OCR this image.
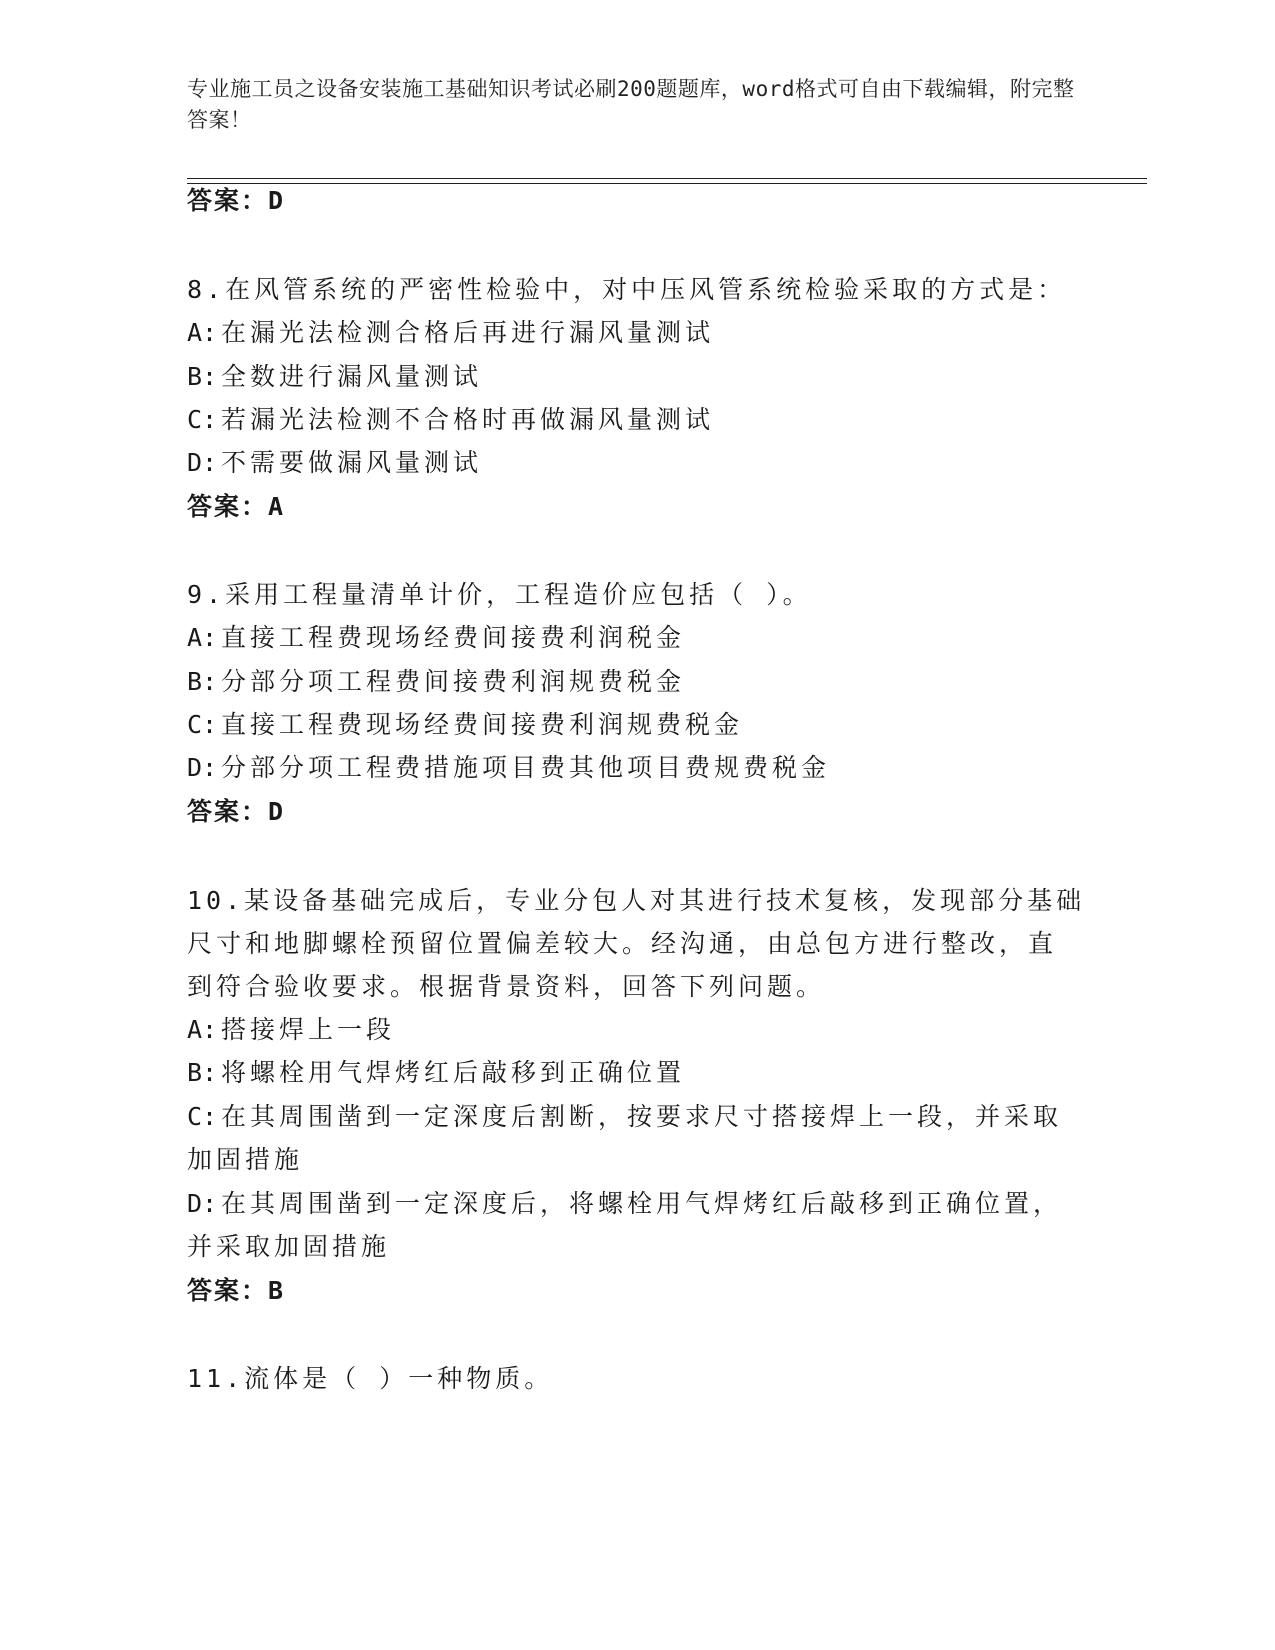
专业施工员之设备安装施工基础知识考试必刷200题题库，word格式可自由下载编辑，附完整答案！
答案：D
8.在风管系统的严密性检验中，对中压风管系统检验采取的方式是：
A: 在漏光法检测合格后再进行漏风量测试
B: 全数进行漏风量测试
C: 若漏光法检测不合格时再做漏风量测试
D: 不需要做漏风量测试
答案：A
9.采用工程量清单计价，工程造价应包括（ ）。
A: 直接工程费现场经费间接费利润税金
B: 分部分项工程费间接费利润规费税金
C: 直接工程费现场经费间接费利润规费税金
D: 分部分项工程费措施项目费其他项目费规费税金
答案：D
10.某设备基础完成后，专业分包人对其进行技术复核，发现部分基础
尺寸和地脚螺栓预留位置偏差较大。经沟通，由总包方进行整改，直
到符合验收要求。根据背景资料，回答下列问题。
A: 搭接焊上一段
B: 将螺栓用气焊烤红后敲移到正确位置
C: 在其周围凿到一定深度后割断，按要求尺寸搭接焊上一段，并采取
加固措施
D: 在其周围凿到一定深度后，将螺栓用气焊烤红后敲移到正确位置，
并采取加固措施
答案：B
11.流体是（ ）一种物质。
